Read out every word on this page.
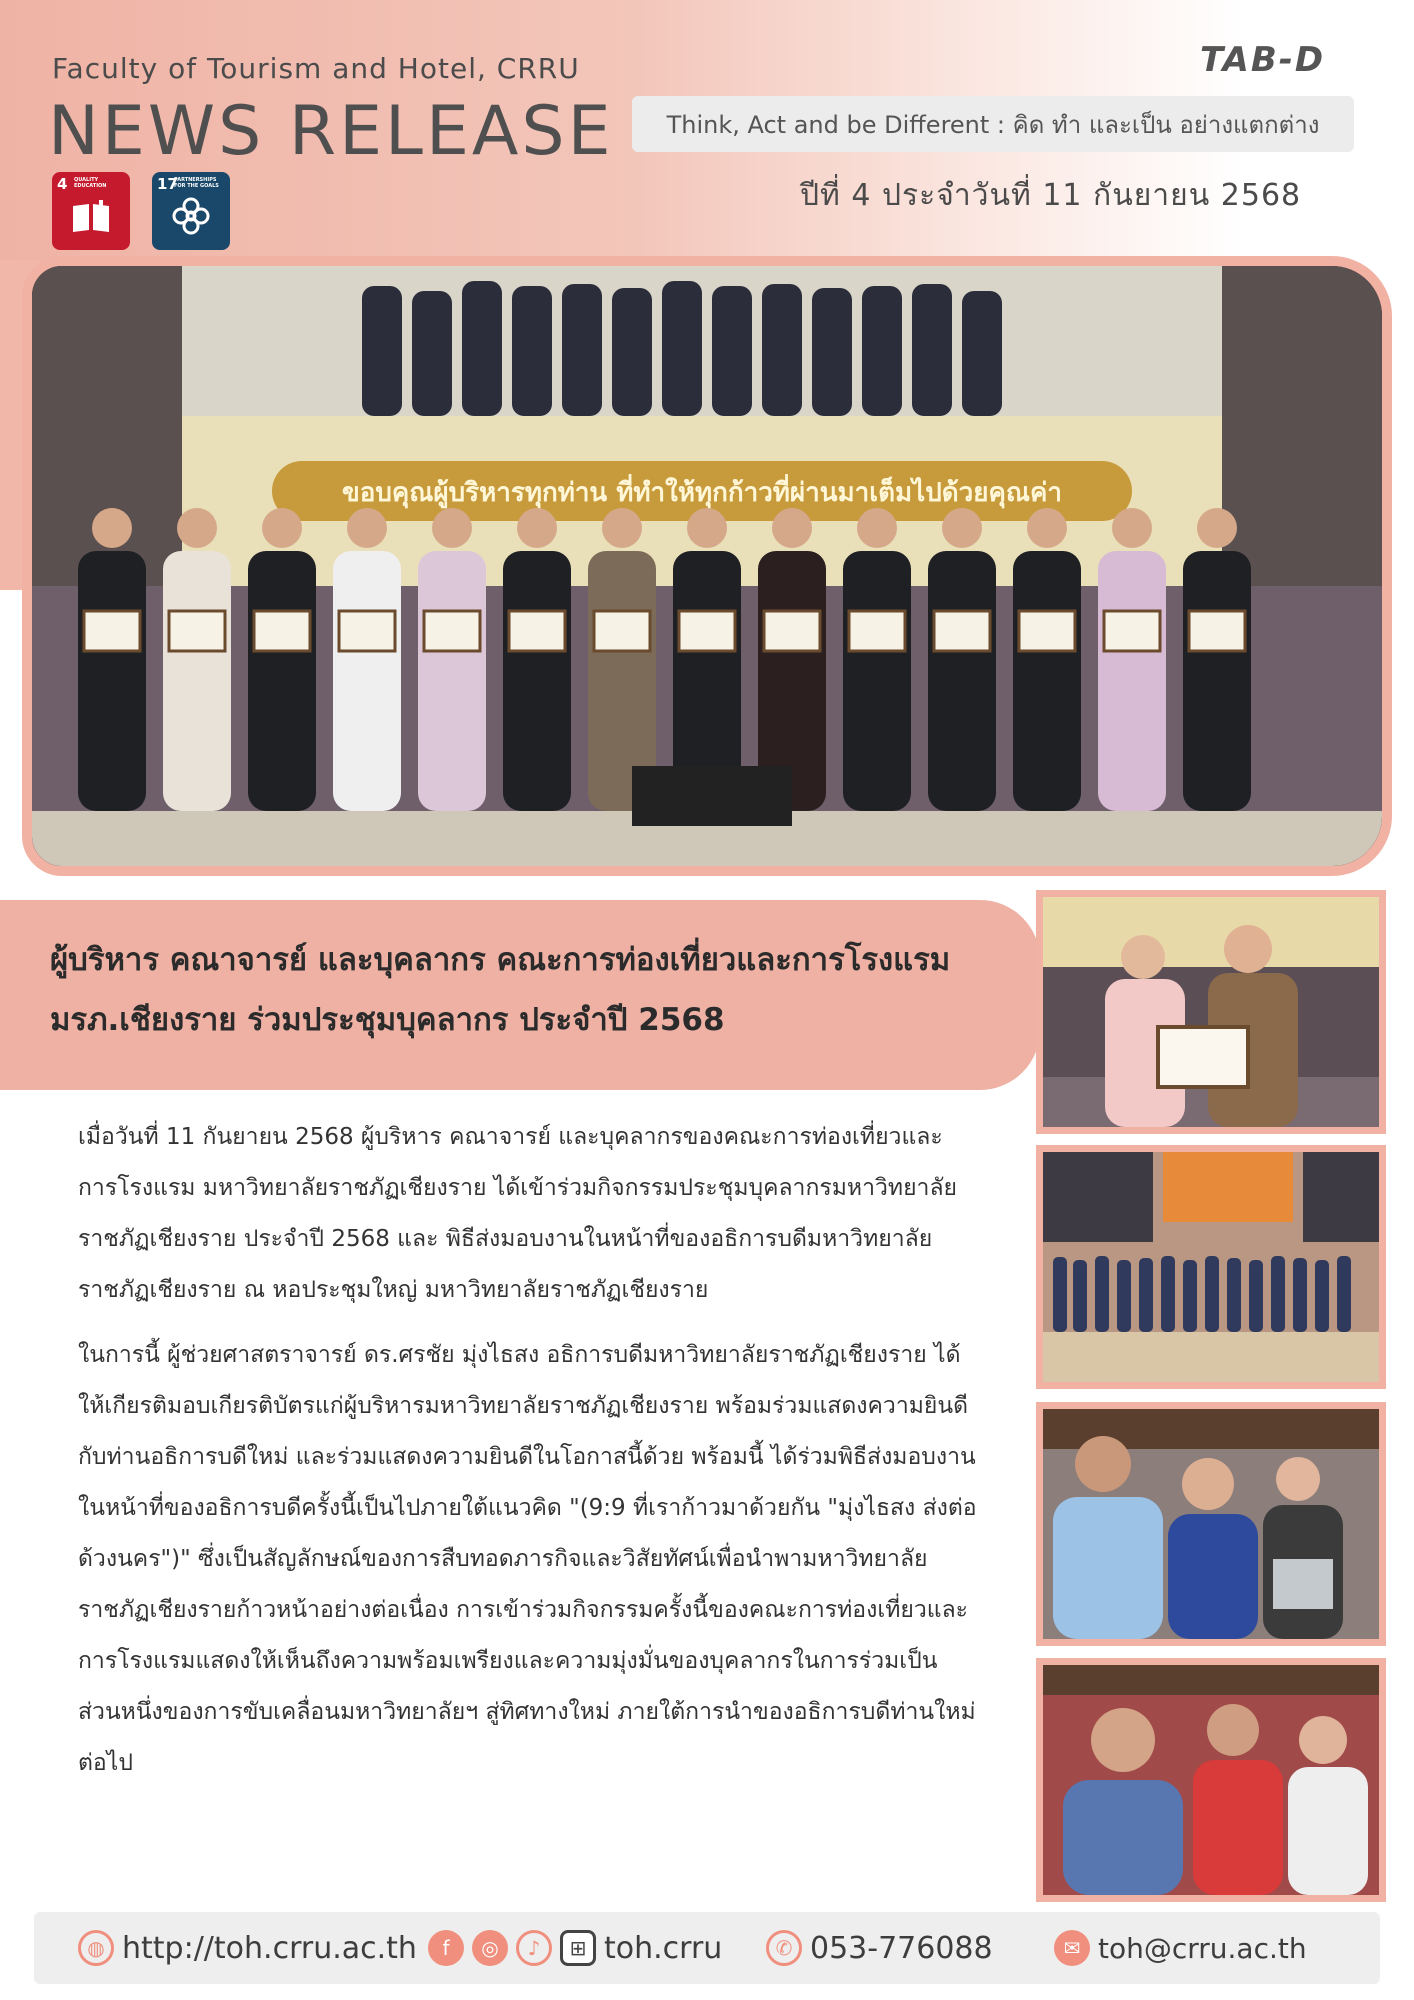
Faculty of Tourism and Hotel, CRRU
NEWS RELEASE
TAB-D
Think, Act and be Different : คิด ทำ และเป็น อย่างแตกต่าง
ปีที่ 4 ประจำวันที่ 11 กันยายน 2568
4 QUALITY EDUCATION	17
PARTNERSHIPS FOR THE GOALS
ขอบคุณผู้บริหารทุกท่าน ที่ทำให้ทุกก้าวที่ผ่านมาเต็มไปด้วยคุณค่า
ผู้บริหาร คณาจารย์ และบุคลากร คณะการท่องเที่ยวและการโรงแรม
มรภ.เชียงราย ร่วมประชุมบุคลากร ประจำปี 2568

เมื่อวันที่ 11 กันยายน 2568 ผู้บริหาร คณาจารย์ และบุคลากรของคณะการท่องเที่ยวและการโรงแรม มหาวิทยาลัยราชภัฏเชียงราย ได้เข้าร่วมกิจกรรมประชุมบุคลากรมหาวิทยาลัยราชภัฏเชียงราย ประจำปี 2568 และ พิธีส่งมอบงานในหน้าที่ของอธิการบดีมหาวิทยาลัยราชภัฏเชียงราย ณ หอประชุมใหญ่ มหาวิทยาลัยราชภัฏเชียงราย

ในการนี้ ผู้ช่วยศาสตราจารย์ ดร.ศรชัย มุ่งไธสง อธิการบดีมหาวิทยาลัยราชภัฏเชียงราย ได้ให้เกียรติมอบเกียรติบัตรแก่ผู้บริหารมหาวิทยาลัยราชภัฏเชียงราย พร้อมร่วมแสดงความยินดีกับท่านอธิการบดีใหม่ และร่วมแสดงความยินดีในโอกาสนี้ด้วย พร้อมนี้ ได้ร่วมพิธีส่งมอบงานในหน้าที่ของอธิการบดีครั้งนี้เป็นไปภายใต้แนวคิด "(9:9 ที่เราก้าวมาด้วยกัน "มุ่งไธสง ส่งต่อ ด้วงนคร")" ซึ่งเป็นสัญลักษณ์ของการสืบทอดภารกิจและวิสัยทัศน์เพื่อนำพามหาวิทยาลัยราชภัฏเชียงรายก้าวหน้าอย่างต่อเนื่อง การเข้าร่วมกิจกรรมครั้งนี้ของคณะการท่องเที่ยวและการโรงแรมแสดงให้เห็นถึงความพร้อมเพรียงและความมุ่งมั่นของบุคลากรในการร่วมเป็นส่วนหนึ่งของการขับเคลื่อนมหาวิทยาลัยฯ สู่ทิศทางใหม่ ภายใต้การนำของอธิการบดีท่านใหม่ต่อไป

◍ http://toh.crru.ac.th	f	◎	♪	⊞ toh.crru	✆ 053-776088	✉ toh@crru.ac.th
